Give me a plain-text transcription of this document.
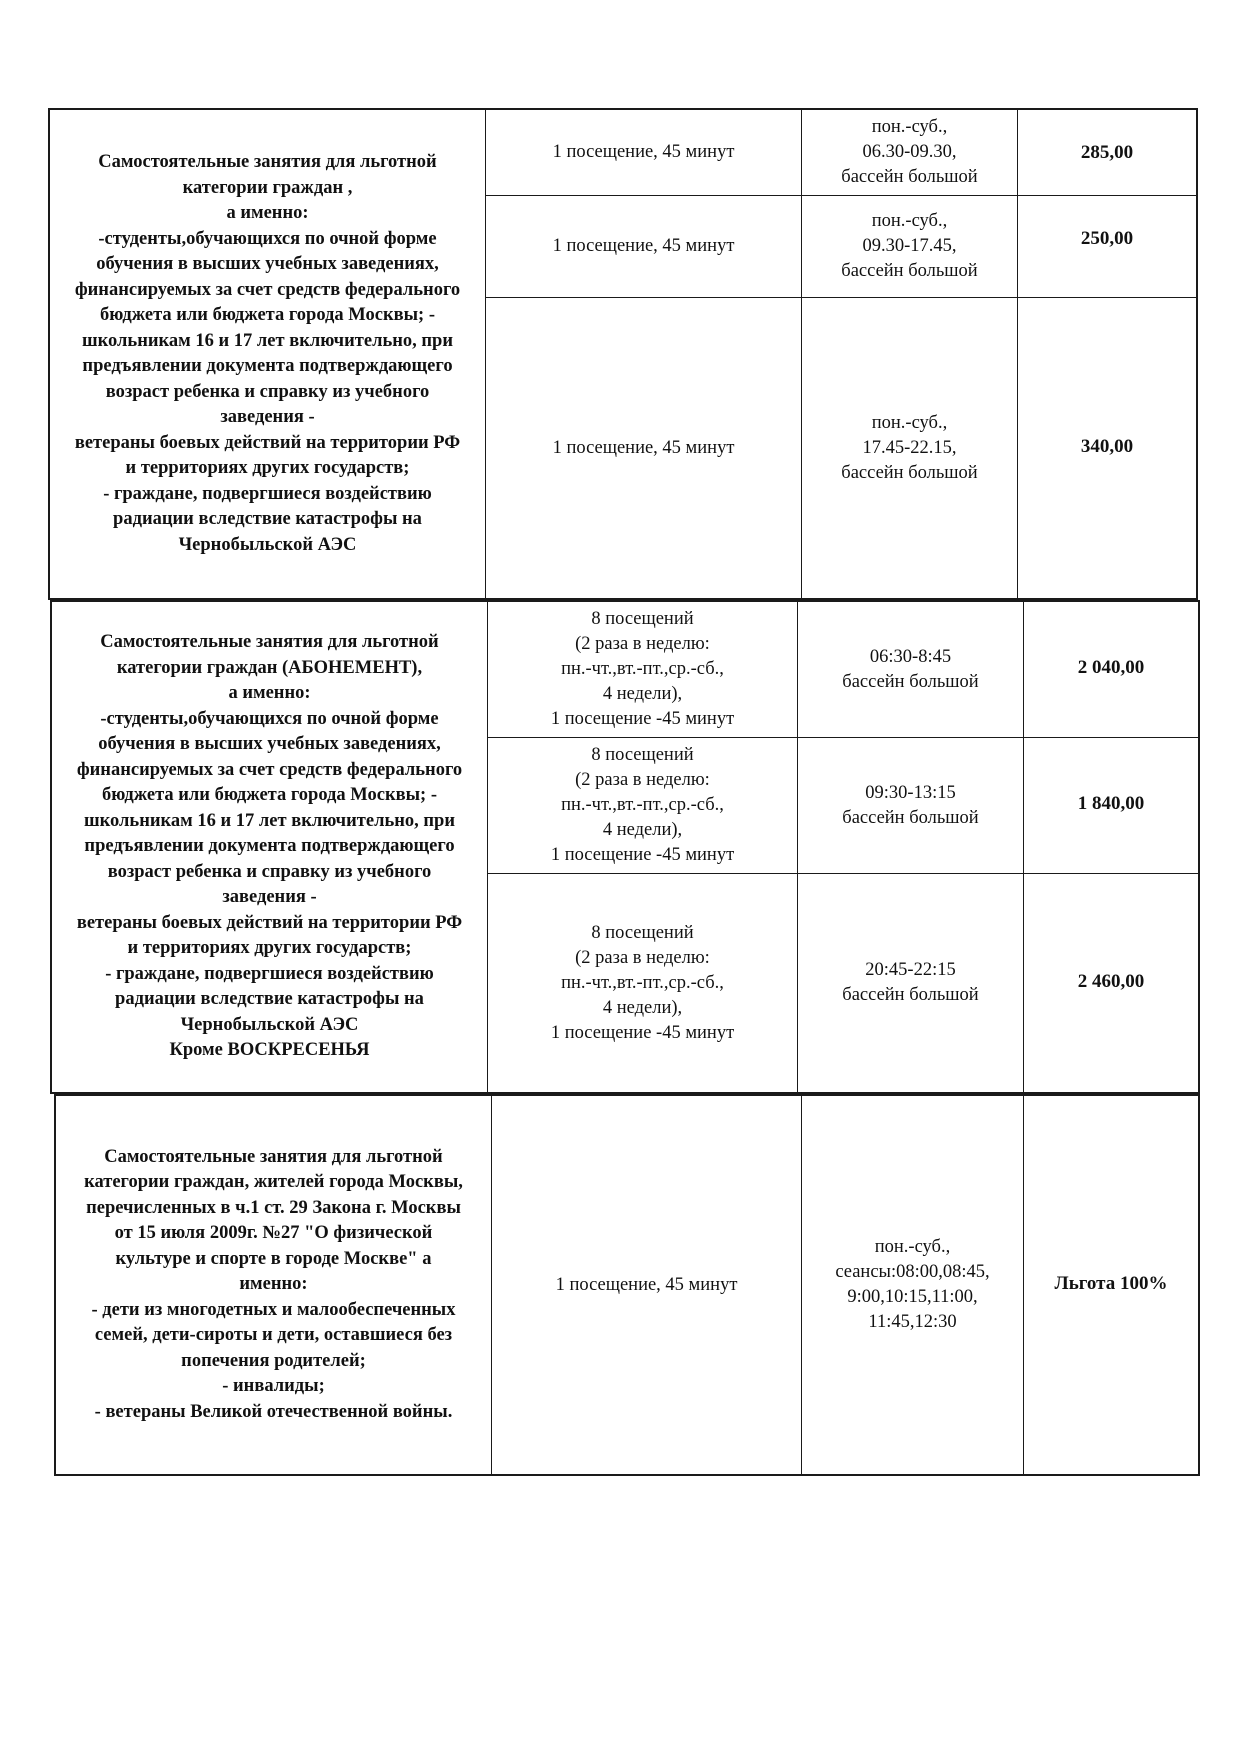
Самостоятельные занятия для льготной
категории граждан ,
а именно:
-студенты,обучающихся по очной форме
обучения в высших учебных заведениях,
финансируемых за счет средств федерального
бюджета или бюджета города Москвы; -
школьникам 16 и 17 лет включительно, при
предъявлении документа подтверждающего
возраст ребенка и справку из учебного
заведения -
ветераны боевых действий на территории РФ
и территориях других государств;
- граждане, подвергшиеся воздействию
радиации вследствие катастрофы на
Чернобыльской АЭС
1 посещение, 45 минут
пон.-суб.,
06.30-09.30,
бассейн большой
285,00
1 посещение, 45 минут
пон.-суб.,
09.30-17.45,
бассейн большой
250,00
1 посещение, 45 минут
пон.-суб.,
17.45-22.15,
бассейн большой
340,00
Самостоятельные занятия для льготной
категории граждан (АБОНЕМЕНТ),
а именно:
-студенты,обучающихся по очной форме
обучения в высших учебных заведениях,
финансируемых за счет средств федерального
бюджета или бюджета города Москвы; -
школьникам 16 и 17 лет включительно, при
предъявлении документа подтверждающего
возраст ребенка и справку из учебного
заведения -
ветераны боевых действий на территории РФ
и территориях других государств;
- граждане, подвергшиеся воздействию
радиации вследствие катастрофы на
Чернобыльской АЭС
Кроме ВОСКРЕСЕНЬЯ
8 посещений
(2 раза в неделю:
пн.-чт.,вт.-пт.,ср.-сб.,
4 недели),
1 посещение -45 минут
06:30-8:45
бассейн большой
2 040,00
8 посещений
(2 раза в неделю:
пн.-чт.,вт.-пт.,ср.-сб.,
4 недели),
1 посещение -45 минут
09:30-13:15
бассейн большой
1 840,00
8 посещений
(2 раза в неделю:
пн.-чт.,вт.-пт.,ср.-сб.,
4 недели),
1 посещение -45 минут
20:45-22:15
бассейн большой
2 460,00
Самостоятельные занятия для льготной
категории граждан, жителей города Москвы,
перечисленных в ч.1 ст. 29 Закона г. Москвы
от 15 июля 2009г. №27 "О физической
культуре и спорте в городе Москве" а
именно:
- дети из многодетных и малообеспеченных
семей, дети-сироты и дети, оставшиеся без
попечения родителей;
- инвалиды;
- ветераны Великой отечественной войны.
1 посещение, 45 минут
пон.-суб.,
сеансы:08:00,08:45,
9:00,10:15,11:00,
11:45,12:30
Льгота 100%
